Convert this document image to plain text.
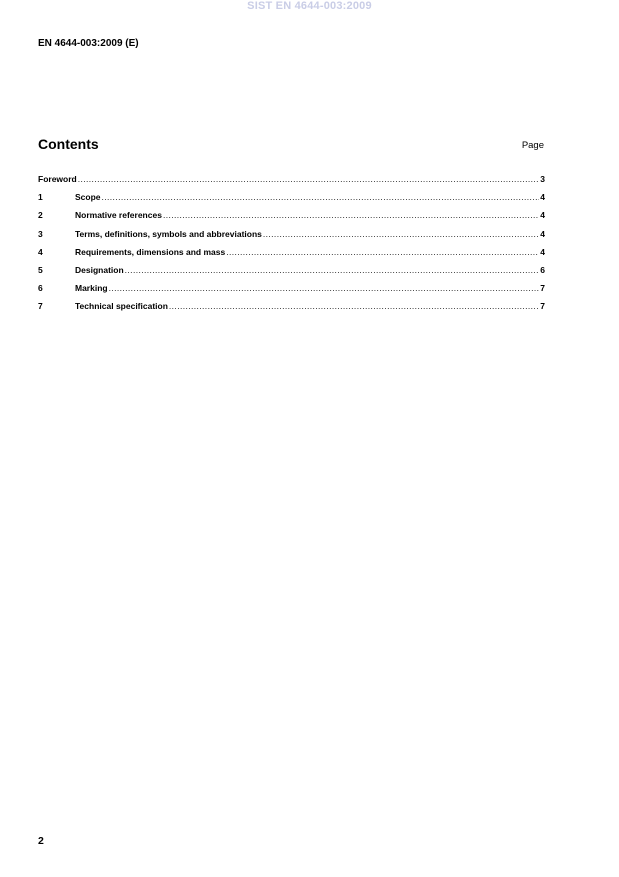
SIST EN 4644-003:2009
EN 4644-003:2009 (E)
Contents	Page
Foreword .....	3
1	Scope .....	4
2	Normative references .....	4
3	Terms, definitions, symbols and abbreviations .....	4
4	Requirements, dimensions and mass .....	4
5	Designation .....	6
6	Marking .....	7
7	Technical specification .....	7
2
